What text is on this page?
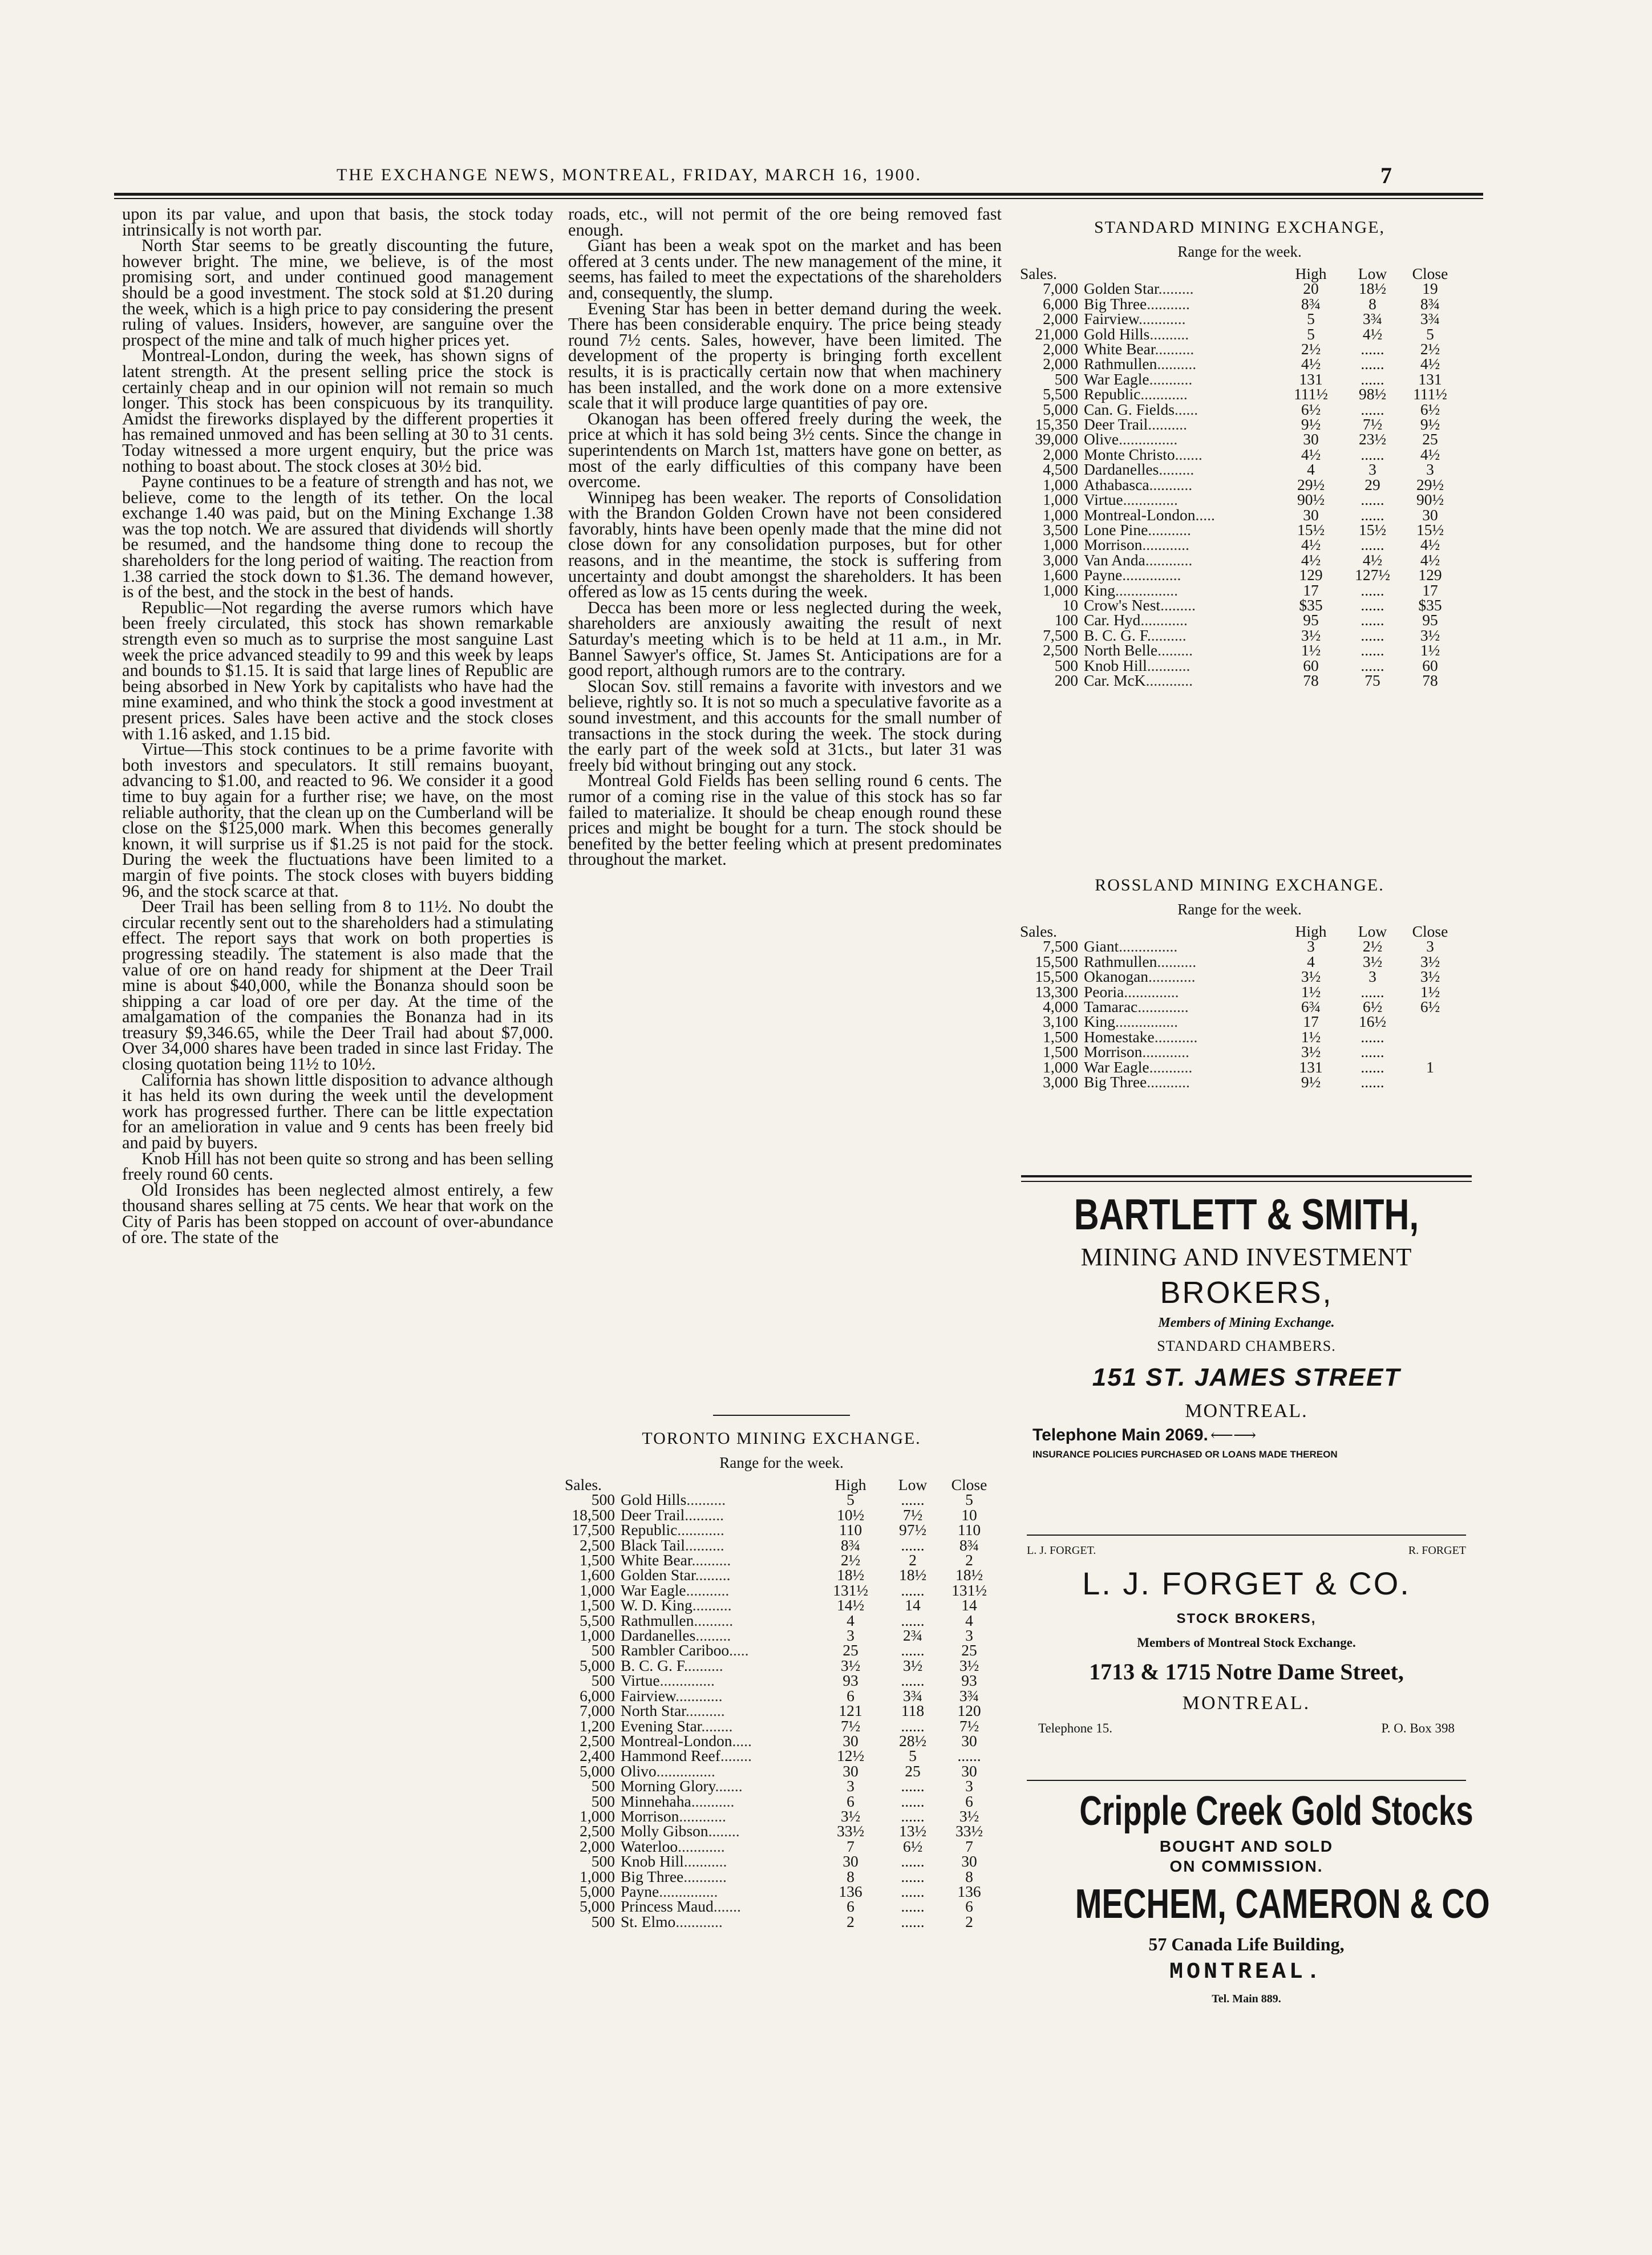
THE EXCHANGE NEWS, MONTREAL, FRIDAY, MARCH 16, 1900.	7

upon its par value, and upon that basis, the stock today intrinsically is not worth par.

North Star seems to be greatly discounting the future, however bright. The mine, we believe, is of the most promising sort, and under continued good management should be a good investment. The stock sold at $1.20 during the week, which is a high price to pay considering the present ruling of values. Insiders, however, are sanguine over the prospect of the mine and talk of much higher prices yet.

Montreal-London, during the week, has shown signs of latent strength. At the present selling price the stock is certainly cheap and in our opinion will not remain so much longer. This stock has been conspicuous by its tranquility. Amidst the fireworks displayed by the different properties it has remained unmoved and has been selling at 30 to 31 cents. Today witnessed a more urgent enquiry, but the price was nothing to boast about. The stock closes at 30½ bid.

Payne continues to be a feature of strength and has not, we believe, come to the length of its tether. On the local exchange 1.40 was paid, but on the Mining Exchange 1.38 was the top notch. We are assured that dividends will shortly be resumed, and the handsome thing done to recoup the shareholders for the long period of waiting. The reaction from 1.38 carried the stock down to $1.36. The demand however, is of the best, and the stock in the best of hands.

Republic—Not regarding the averse rumors which have been freely circulated, this stock has shown remarkable strength even so much as to surprise the most sanguine Last week the price advanced steadily to 99 and this week by leaps and bounds to $1.15. It is said that large lines of Republic are being absorbed in New York by capitalists who have had the mine examined, and who think the stock a good investment at present prices. Sales have been active and the stock closes with 1.16 asked, and 1.15 bid.

Virtue—This stock continues to be a prime favorite with both investors and speculators. It still remains buoyant, advancing to $1.00, and reacted to 96. We consider it a good time to buy again for a further rise; we have, on the most reliable authority, that the clean up on the Cumberland will be close on the $125,000 mark. When this becomes generally known, it will surprise us if $1.25 is not paid for the stock. During the week the fluctuations have been limited to a margin of five points. The stock closes with buyers bidding 96, and the stock scarce at that.

Deer Trail has been selling from 8 to 11½. No doubt the circular recently sent out to the shareholders had a stimulating effect. The report says that work on both properties is progressing steadily. The statement is also made that the value of ore on hand ready for shipment at the Deer Trail mine is about $40,000, while the Bonanza should soon be shipping a car load of ore per day. At the time of the amalgamation of the companies the Bonanza had in its treasury $9,346.65, while the Deer Trail had about $7,000. Over 34,000 shares have been traded in since last Friday. The closing quotation being 11½ to 10½.

California has shown little disposition to advance although it has held its own during the week until the development work has progressed further. There can be little expectation for an amelioration in value and 9 cents has been freely bid and paid by buyers.

Knob Hill has not been quite so strong and has been selling freely round 60 cents.

Old Ironsides has been neglected almost entirely, a few thousand shares selling at 75 cents. We hear that work on the City of Paris has been stopped on account of over-abundance of ore. The state of the

roads, etc., will not permit of the ore being removed fast enough.

Giant has been a weak spot on the market and has been offered at 3 cents under. The new management of the mine, it seems, has failed to meet the expectations of the shareholders and, consequently, the slump.

Evening Star has been in better demand during the week. There has been considerable enquiry. The price being steady round 7½ cents. Sales, however, have been limited. The development of the property is bringing forth excellent results, it is is practically certain now that when machinery has been installed, and the work done on a more extensive scale that it will produce large quantities of pay ore.

Okanogan has been offered freely during the week, the price at which it has sold being 3½ cents. Since the change in superintendents on March 1st, matters have gone on better, as most of the early difficulties of this company have been overcome.

Winnipeg has been weaker. The reports of Consolidation with the Brandon Golden Crown have not been considered favorably, hints have been openly made that the mine did not close down for any consolidation purposes, but for other reasons, and in the meantime, the stock is suffering from uncertainty and doubt amongst the shareholders. It has been offered as low as 15 cents during the week.

Decca has been more or less neglected during the week, shareholders are anxiously awaiting the result of next Saturday's meeting which is to be held at 11 a.m., in Mr. Bannel Sawyer's office, St. James St. Anticipations are for a good report, although rumors are to the contrary.

Slocan Sov. still remains a favorite with investors and we believe, rightly so. It is not so much a speculative favorite as a sound investment, and this accounts for the small number of transactions in the stock during the week. The stock during the early part of the week sold at 31cts., but later 31 was freely bid without bringing out any stock.

Montreal Gold Fields has been selling round 6 cents. The rumor of a coming rise in the value of this stock has so far failed to materialize. It should be cheap enough round these prices and might be bought for a turn. The stock should be benefited by the better feeling which at present predominates throughout the market.

TORONTO MINING EXCHANGE.
Range for the week.
Sales.		High	Low	Close
500	Gold Hills..........	5	......	5
18,500	Deer Trail..........	10½	7½	10
17,500	Republic............	110	97½	110
2,500	Black Tail..........	8¾	......	8¾
1,500	White Bear..........	2½	2	2
1,600	Golden Star.........	18½	18½	18½
1,000	War Eagle...........	131½	......	131½
1,500	W. D. King..........	14½	14	14
5,500	Rathmullen..........	4	......	4
1,000	Dardanelles.........	3	2¾	3
500	Rambler Cariboo.....	25	......	25
5,000	B. C. G. F..........	3½	3½	3½
500	Virtue..............	93	......	93
6,000	Fairview............	6	3¾	3¾
7,000	North Star..........	121	118	120
1,200	Evening Star........	7½	......	7½
2,500	Montreal-London.....	30	28½	30
2,400	Hammond Reef........	12½	5	......
5,000	Olivo...............	30	25	30
500	Morning Glory.......	3	......	3
500	Minnehaha...........	6	......	6
1,000	Morrison............	3½	......	3½
2,500	Molly Gibson........	33½	13½	33½
2,000	Waterloo............	7	6½	7
500	Knob Hill...........	30	......	30
1,000	Big Three...........	8	......	8
5,000	Payne...............	136	......	136
5,000	Princess Maud.......	6	......	6
500	St. Elmo............	2	......	2
STANDARD MINING EXCHANGE,
Range for the week.
Sales.		High	Low	Close
7,000	Golden Star.........	20	18½	19
6,000	Big Three...........	8¾	8	8¾
2,000	Fairview............	5	3¾	3¾
21,000	Gold Hills..........	5	4½	5
2,000	White Bear..........	2½	......	2½
2,000	Rathmullen..........	4½	......	4½
500	War Eagle...........	131	......	131
5,500	Republic............	111½	98½	111½
5,000	Can. G. Fields......	6½	......	6½
15,350	Deer Trail..........	9½	7½	9½
39,000	Olive...............	30	23½	25
2,000	Monte Christo.......	4½	......	4½
4,500	Dardanelles.........	4	3	3
1,000	Athabasca...........	29½	29	29½
1,000	Virtue..............	90½	......	90½
1,000	Montreal-London.....	30	......	30
3,500	Lone Pine...........	15½	15½	15½
1,000	Morrison............	4½	......	4½
3,000	Van Anda............	4½	4½	4½
1,600	Payne...............	129	127½	129
1,000	King................	17	......	17
10	Crow's Nest.........	$35	......	$35
100	Car. Hyd............	95	......	95
7,500	B. C. G. F..........	3½	......	3½
2,500	North Belle.........	1½	......	1½
500	Knob Hill...........	60	......	60
200	Car. McK............	78	75	78
ROSSLAND MINING EXCHANGE.
Range for the week.
Sales.		High	Low	Close
7,500	Giant...............	3	2½	3
15,500	Rathmullen..........	4	3½	3½
15,500	Okanogan............	3½	3	3½
13,300	Peoria..............	1½	......	1½
4,000	Tamarac.............	6¾	6½	6½
3,100	King................	17	16½	
1,500	Homestake...........	1½	......	
1,500	Morrison............	3½	......	
1,000	War Eagle...........	131	......	1
3,000	Big Three...........	9½	......	
BARTLETT & SMITH,
MINING AND INVESTMENT
BROKERS,
Members of Mining Exchange.
STANDARD CHAMBERS.
151 ST. JAMES STREET
MONTREAL.
Telephone Main 2069. ⟵⟶
INSURANCE POLICIES PURCHASED OR LOANS MADE THEREON
L. J. FORGET.	R. FORGET
L. J. FORGET & CO.
STOCK BROKERS,
Members of Montreal Stock Exchange.
1713 & 1715 Notre Dame Street,
MONTREAL.
Telephone 15.	P. O. Box 398
Cripple Creek Gold Stocks
BOUGHT AND SOLD
ON COMMISSION.
MECHEM, CAMERON & CO
57 Canada Life Building,
MONTREAL.
Tel. Main 889.
